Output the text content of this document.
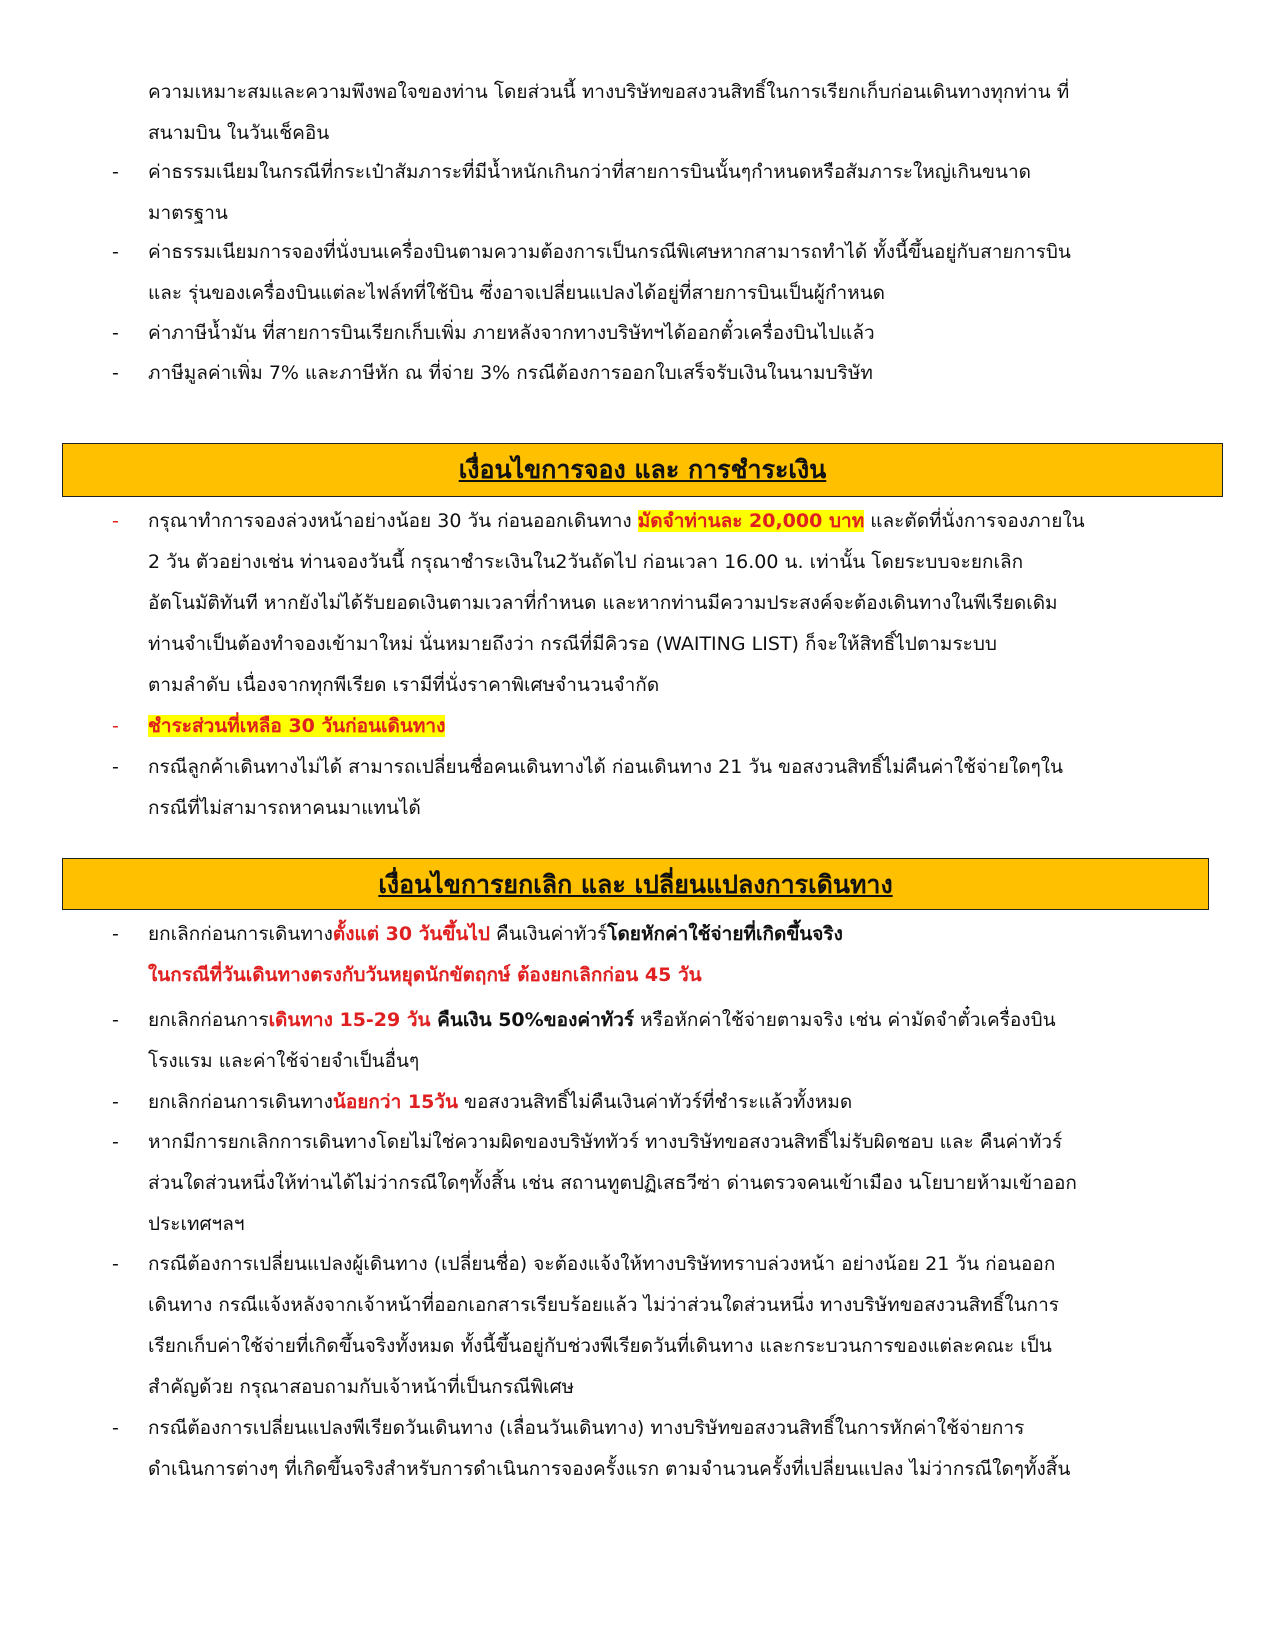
ความเหมาะสมและความพึงพอใจของท่าน โดยส่วนนี้ ทางบริษัทขอสงวนสิทธิ์ในการเรียกเก็บก่อนเดินทางทุกท่าน ที่
สนามบิน ในวันเช็คอิน
- ค่าธรรมเนียมในกรณีที่กระเป๋าสัมภาระที่มีน้ำหนักเกินกว่าที่สายการบินนั้นๆกำหนดหรือสัมภาระใหญ่เกินขนาด
มาตรฐาน
- ค่าธรรมเนียมการจองที่นั่งบนเครื่องบินตามความต้องการเป็นกรณีพิเศษหากสามารถทำได้ ทั้งนี้ขึ้นอยู่กับสายการบิน
และ รุ่นของเครื่องบินแต่ละไฟล์ทที่ใช้บิน ซึ่งอาจเปลี่ยนแปลงได้อยู่ที่สายการบินเป็นผู้กำหนด
- ค่าภาษีน้ำมัน ที่สายการบินเรียกเก็บเพิ่ม ภายหลังจากทางบริษัทฯได้ออกตั๋วเครื่องบินไปแล้ว
- ภาษีมูลค่าเพิ่ม 7% และภาษีหัก ณ ที่จ่าย 3% กรณีต้องการออกใบเสร็จรับเงินในนามบริษัท
เงื่อนไขการจอง และ การชำระเงิน
- กรุณาทำการจองล่วงหน้าอย่างน้อย 30 วัน ก่อนออกเดินทาง มัดจำท่านละ 20,000 บาท และตัดที่นั่งการจองภายใน
2 วัน ตัวอย่างเช่น ท่านจองวันนี้ กรุณาชำระเงินใน2วันถัดไป ก่อนเวลา 16.00 น. เท่านั้น โดยระบบจะยกเลิก
อัตโนมัติทันที หากยังไม่ได้รับยอดเงินตามเวลาที่กำหนด และหากท่านมีความประสงค์จะต้องเดินทางในพีเรียดเดิม
ท่านจำเป็นต้องทำจองเข้ามาใหม่ นั่นหมายถึงว่า กรณีที่มีคิวรอ (WAITING LIST) ก็จะให้สิทธิ์ไปตามระบบ
ตามลำดับ เนื่องจากทุกพีเรียด เรามีที่นั่งราคาพิเศษจำนวนจำกัด
- ชำระส่วนที่เหลือ 30 วันก่อนเดินทาง
- กรณีลูกค้าเดินทางไม่ได้ สามารถเปลี่ยนชื่อคนเดินทางได้ ก่อนเดินทาง 21 วัน ขอสงวนสิทธิ์ไม่คืนค่าใช้จ่ายใดๆใน
กรณีที่ไม่สามารถหาคนมาแทนได้
เงื่อนไขการยกเลิก และ เปลี่ยนแปลงการเดินทาง
- ยกเลิกก่อนการเดินทางตั้งแต่ 30 วันขึ้นไป คืนเงินค่าทัวร์โดยหักค่าใช้จ่ายที่เกิดขึ้นจริง
ในกรณีที่วันเดินทางตรงกับวันหยุดนักขัตฤกษ์ ต้องยกเลิกก่อน 45 วัน
- ยกเลิกก่อนการเดินทาง 15-29 วัน คืนเงิน 50%ของค่าทัวร์ หรือหักค่าใช้จ่ายตามจริง เช่น ค่ามัดจำตั๋วเครื่องบิน
โรงแรม และค่าใช้จ่ายจำเป็นอื่นๆ
- ยกเลิกก่อนการเดินทางน้อยกว่า 15วัน ขอสงวนสิทธิ์ไม่คืนเงินค่าทัวร์ที่ชำระแล้วทั้งหมด
- หากมีการยกเลิกการเดินทางโดยไม่ใช่ความผิดของบริษัททัวร์ ทางบริษัทขอสงวนสิทธิ์ไม่รับผิดชอบ และ คืนค่าทัวร์
ส่วนใดส่วนหนึ่งให้ท่านได้ไม่ว่ากรณีใดๆทั้งสิ้น เช่น สถานทูตปฏิเสธวีซ่า ด่านตรวจคนเข้าเมือง นโยบายห้ามเข้าออก
ประเทศฯลฯ
- กรณีต้องการเปลี่ยนแปลงผู้เดินทาง (เปลี่ยนชื่อ) จะต้องแจ้งให้ทางบริษัททราบล่วงหน้า อย่างน้อย 21 วัน ก่อนออก
เดินทาง กรณีแจ้งหลังจากเจ้าหน้าที่ออกเอกสารเรียบร้อยแล้ว ไม่ว่าส่วนใดส่วนหนึ่ง ทางบริษัทขอสงวนสิทธิ์ในการ
เรียกเก็บค่าใช้จ่ายที่เกิดขึ้นจริงทั้งหมด ทั้งนี้ขึ้นอยู่กับช่วงพีเรียดวันที่เดินทาง และกระบวนการของแต่ละคณะ เป็น
สำคัญด้วย กรุณาสอบถามกับเจ้าหน้าที่เป็นกรณีพิเศษ
- กรณีต้องการเปลี่ยนแปลงพีเรียดวันเดินทาง (เลื่อนวันเดินทาง) ทางบริษัทขอสงวนสิทธิ์ในการหักค่าใช้จ่ายการ
ดำเนินการต่างๆ ที่เกิดขึ้นจริงสำหรับการดำเนินการจองครั้งแรก ตามจำนวนครั้งที่เปลี่ยนแปลง ไม่ว่ากรณีใดๆทั้งสิ้น
